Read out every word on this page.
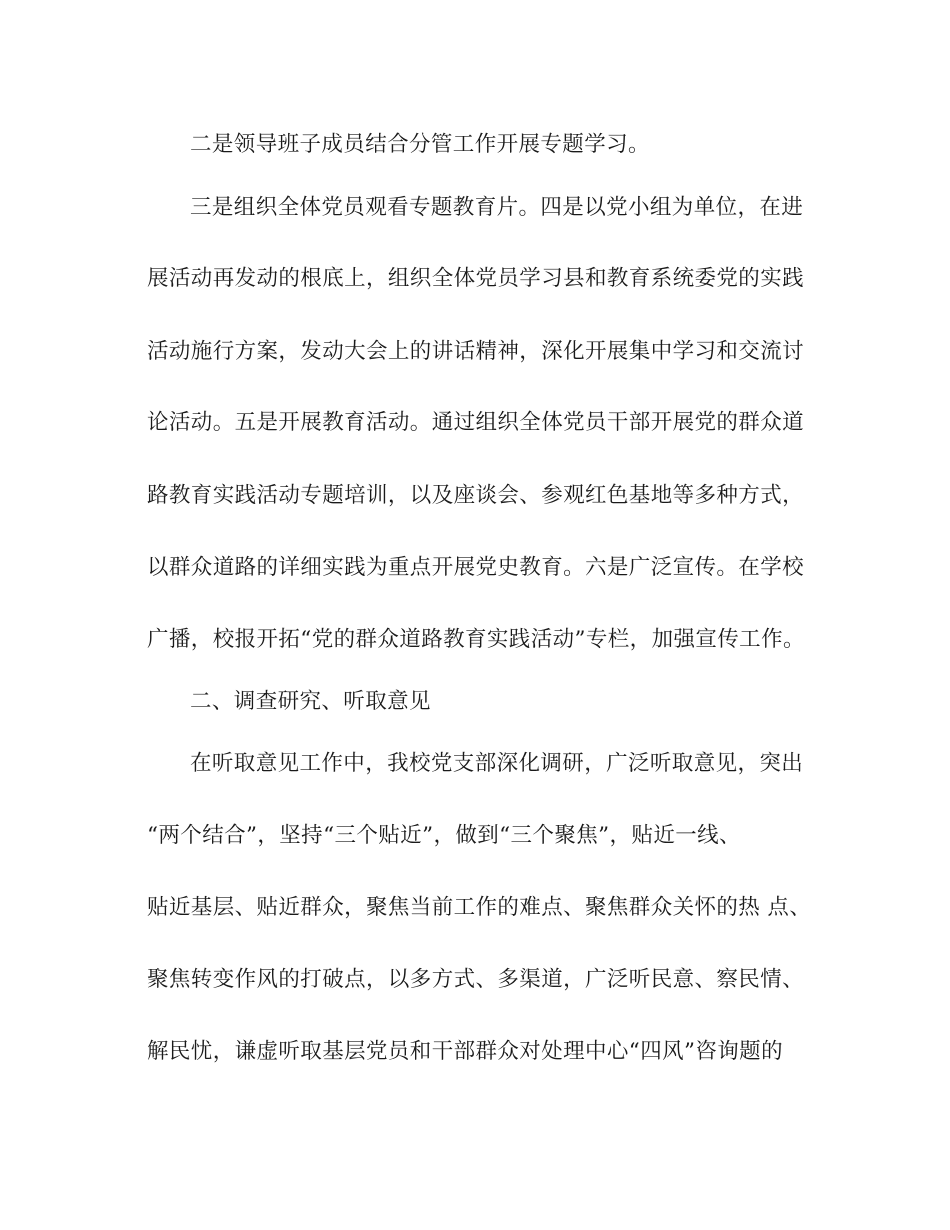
二是领导班子成员结合分管工作开展专题学习。
三是组织全体党员观看专题教育片。四是以党小组为单位，在进
展活动再发动的根底上，组织全体党员学习县和教育系统委党的实践
活动施行方案，发动大会上的讲话精神，深化开展集中学习和交流讨
论活动。五是开展教育活动。通过组织全体党员干部开展党的群众道
路教育实践活动专题培训，以及座谈会、参观红色基地等多种方式，
以群众道路的详细实践为重点开展党史教育。六是广泛宣传。在学校
广播，校报开拓“党的群众道路教育实践活动”专栏，加强宣传工作。
二、调查研究、听取意见
在听取意见工作中，我校党支部深化调研，广泛听取意见，突出
“两个结合”，坚持“三个贴近”，做到“三个聚焦”，贴近一线、
贴近基层、贴近群众，聚焦当前工作的难点、聚焦群众关怀的热 点、
聚焦转变作风的打破点，以多方式、多渠道，广泛听民意、察民情、
解民忧，谦虚听取基层党员和干部群众对处理中心“四风”咨询题的
